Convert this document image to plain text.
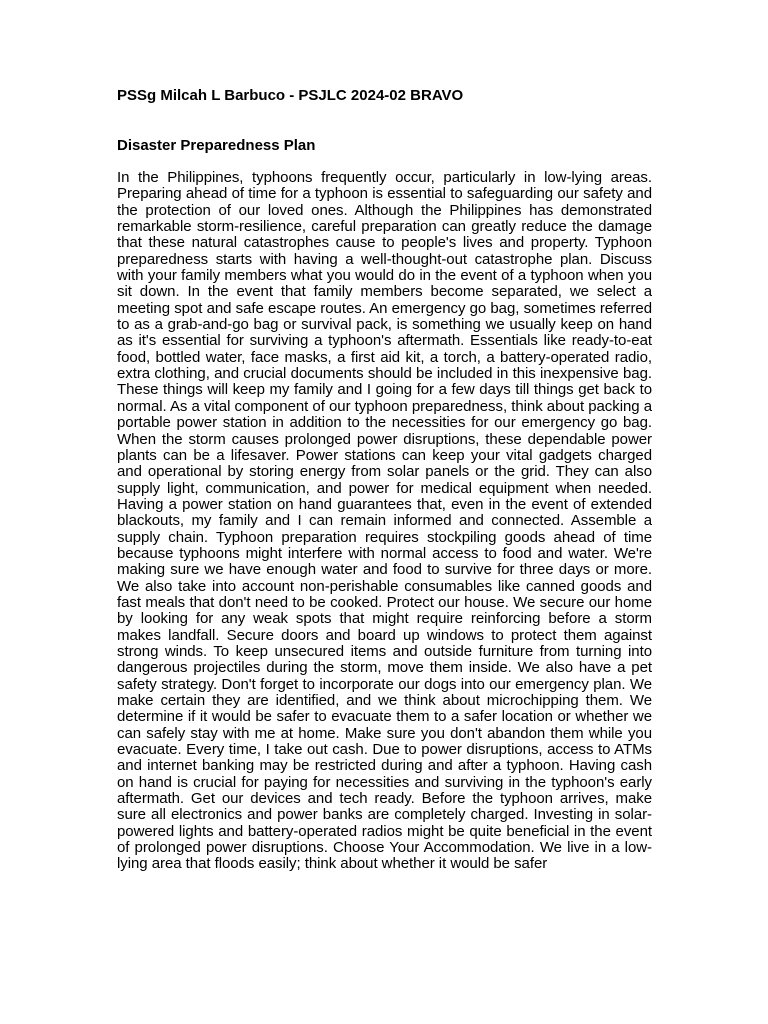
PSSg Milcah L Barbuco - PSJLC 2024-02 BRAVO
Disaster Preparedness Plan
In the Philippines, typhoons frequently occur, particularly in low-lying areas. Preparing ahead of time for a typhoon is essential to safeguarding our safety and the protection of our loved ones. Although the Philippines has demonstrated remarkable storm-resilience, careful preparation can greatly reduce the damage that these natural catastrophes cause to people's lives and property. Typhoon preparedness starts with having a well-thought-out catastrophe plan. Discuss with your family members what you would do in the event of a typhoon when you sit down. In the event that family members become separated, we select a meeting spot and safe escape routes. An emergency go bag, sometimes referred to as a grab-and-go bag or survival pack, is something we usually keep on hand as it's essential for surviving a typhoon's aftermath. Essentials like ready-to-eat food, bottled water, face masks, a first aid kit, a torch, a battery-operated radio, extra clothing, and crucial documents should be included in this inexpensive bag. These things will keep my family and I going for a few days till things get back to normal. As a vital component of our typhoon preparedness, think about packing a portable power station in addition to the necessities for our emergency go bag. When the storm causes prolonged power disruptions, these dependable power plants can be a lifesaver. Power stations can keep your vital gadgets charged and operational by storing energy from solar panels or the grid. They can also supply light, communication, and power for medical equipment when needed. Having a power station on hand guarantees that, even in the event of extended blackouts, my family and I can remain informed and connected. Assemble a supply chain. Typhoon preparation requires stockpiling goods ahead of time because typhoons might interfere with normal access to food and water. We're making sure we have enough water and food to survive for three days or more. We also take into account non-perishable consumables like canned goods and fast meals that don't need to be cooked. Protect our house. We secure our home by looking for any weak spots that might require reinforcing before a storm makes landfall. Secure doors and board up windows to protect them against strong winds. To keep unsecured items and outside furniture from turning into dangerous projectiles during the storm, move them inside. We also have a pet safety strategy. Don't forget to incorporate our dogs into our emergency plan. We make certain they are identified, and we think about microchipping them. We determine if it would be safer to evacuate them to a safer location or whether we can safely stay with me at home. Make sure you don't abandon them while you evacuate. Every time, I take out cash. Due to power disruptions, access to ATMs and internet banking may be restricted during and after a typhoon. Having cash on hand is crucial for paying for necessities and surviving in the typhoon's early aftermath. Get our devices and tech ready. Before the typhoon arrives, make sure all electronics and power banks are completely charged. Investing in solar-powered lights and battery-operated radios might be quite beneficial in the event of prolonged power disruptions. Choose Your Accommodation. We live in a low-lying area that floods easily; think about whether it would be safer
